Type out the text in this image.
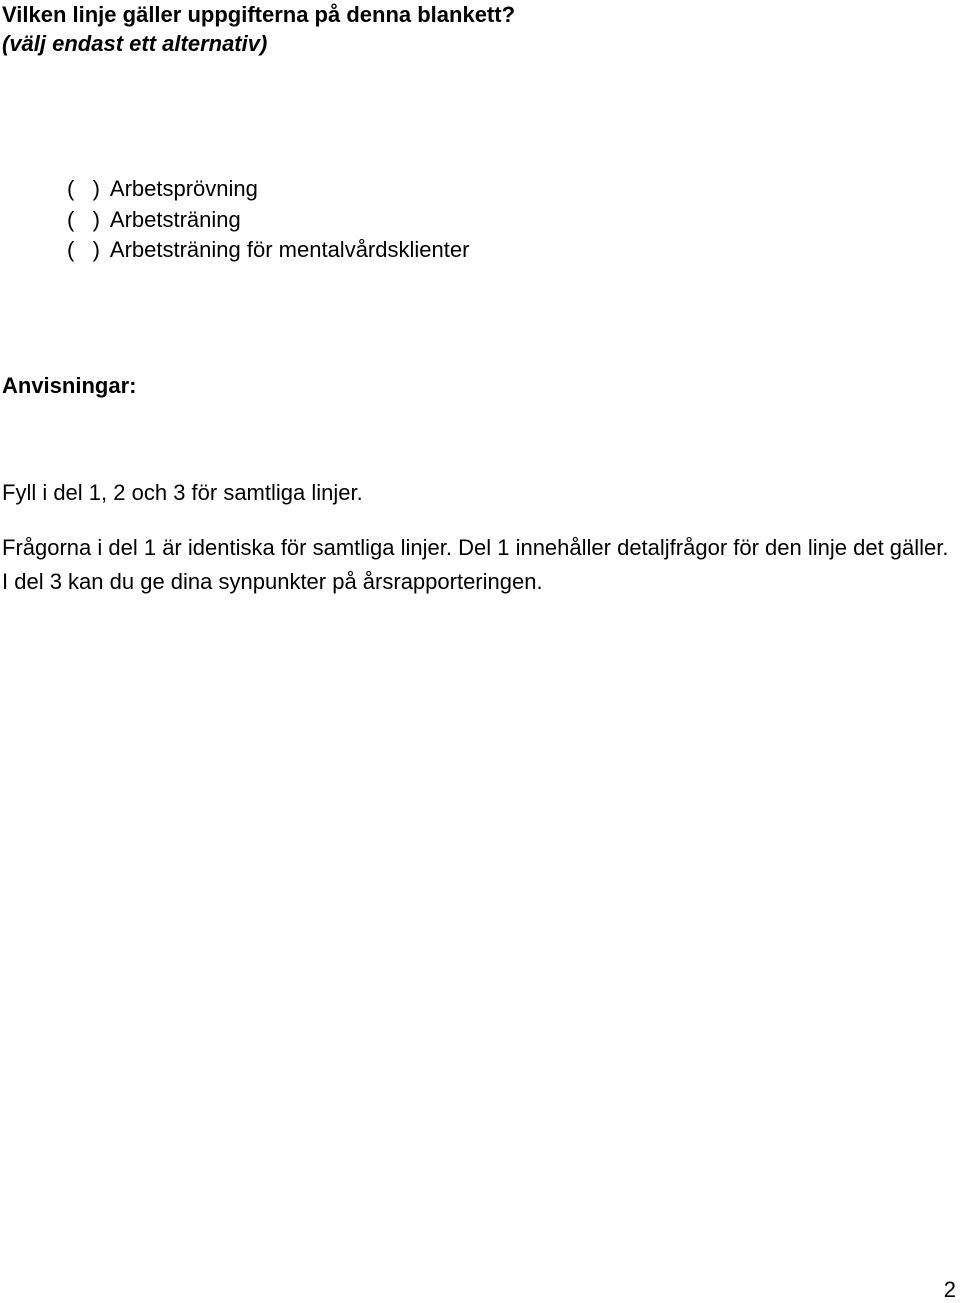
Vilken linje gäller uppgifterna på denna blankett?
(välj endast ett alternativ)
(   ) Arbetsprövning
(   ) Arbetsträning
(   ) Arbetsträning för mentalvårdsklienter
Anvisningar:

Fyll i del 1, 2 och 3 för samtliga linjer.

Frågorna i del 1 är identiska för samtliga linjer. Del 1 innehåller detaljfrågor för den linje det gäller. I del 3 kan du ge dina synpunkter på årsrapporteringen.

2
